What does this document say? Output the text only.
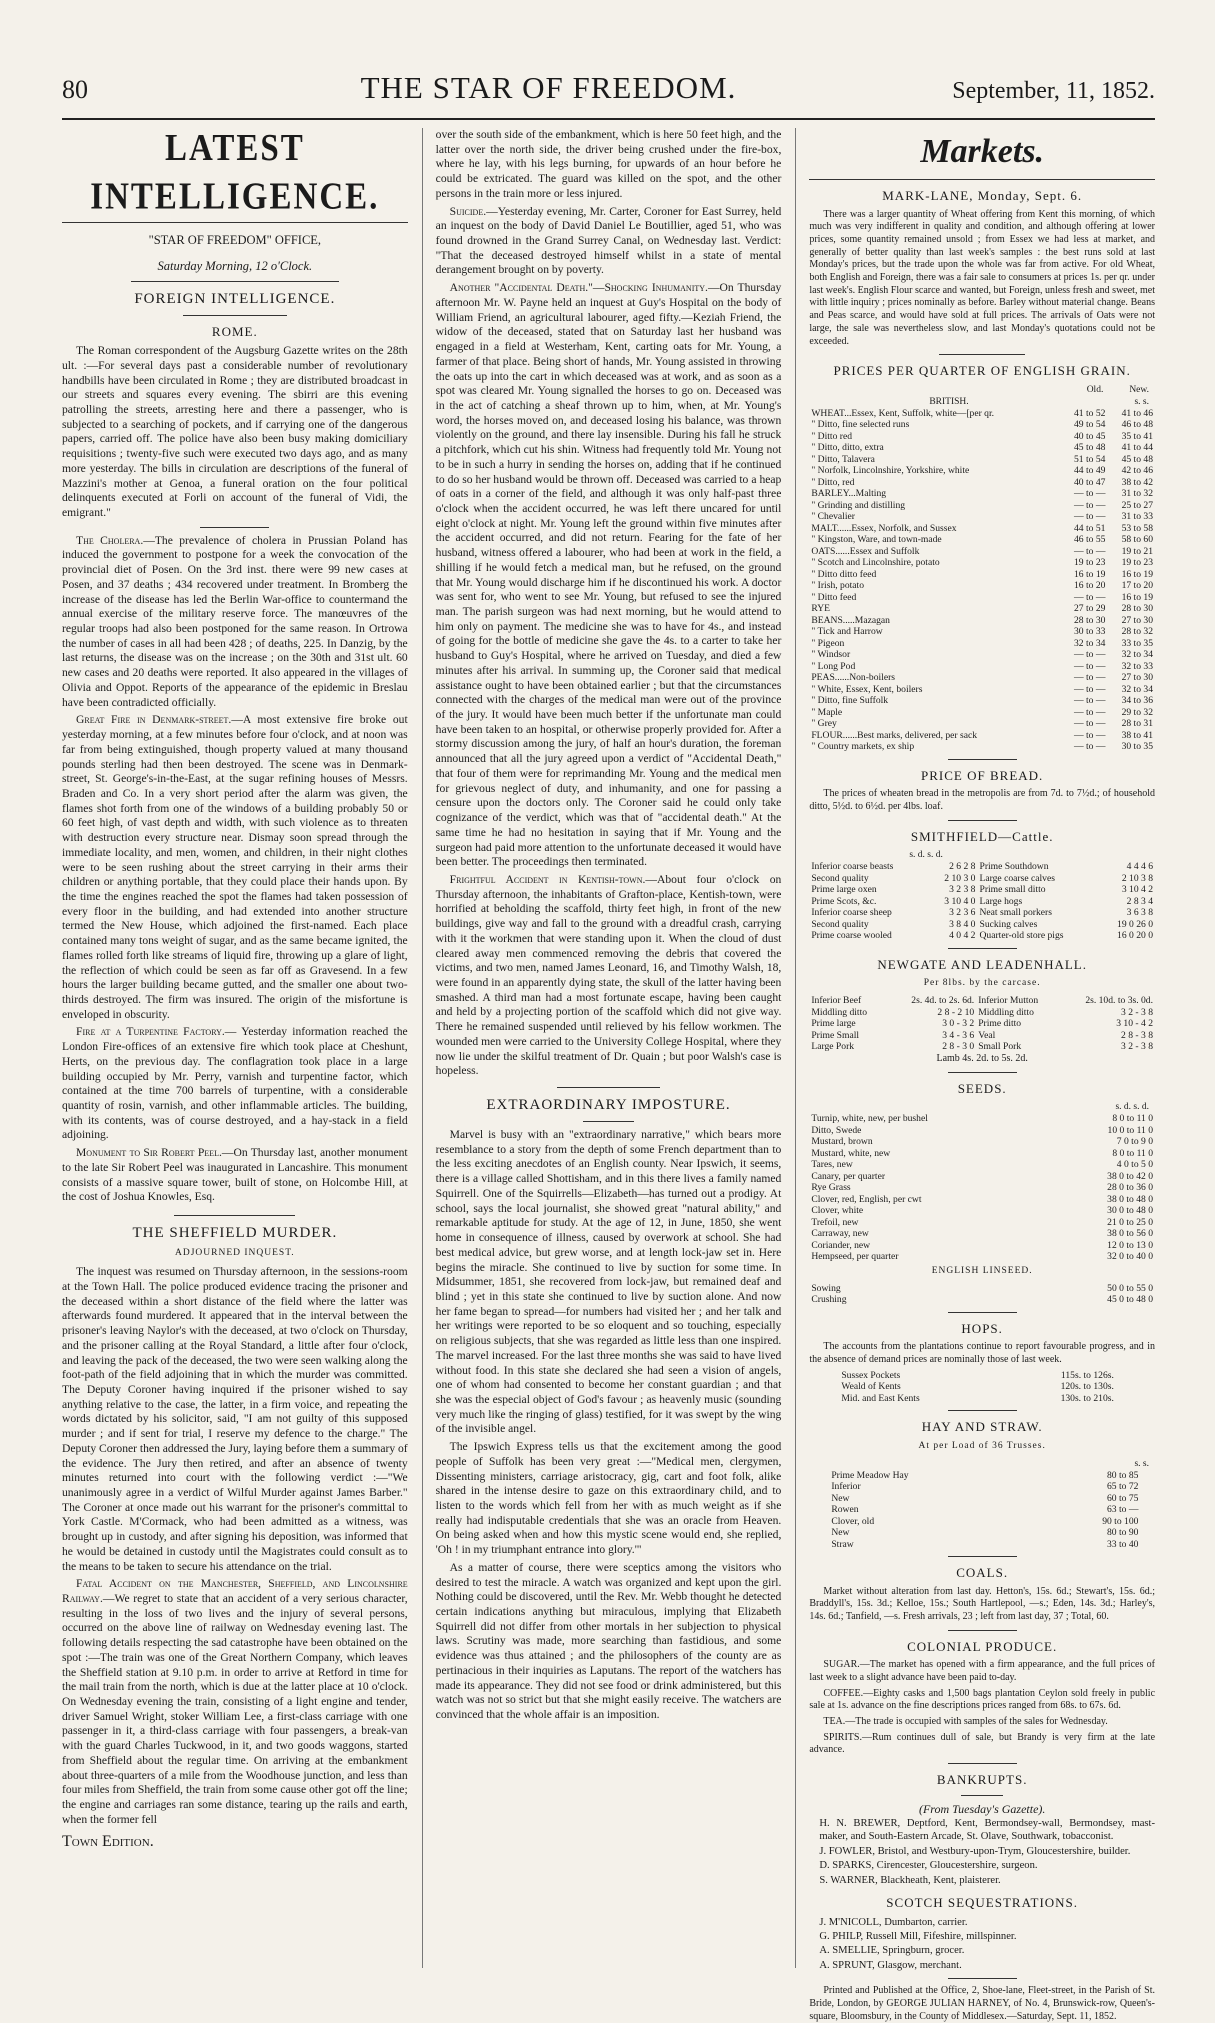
80	THE STAR OF FREEDOM.	September, 11, 1852.
LATEST INTELLIGENCE.
"STAR OF FREEDOM" OFFICE,
Saturday Morning, 12 o'Clock.
FOREIGN INTELLIGENCE.
ROME.

The Roman correspondent of the Augsburg Gazette writes on the 28th ult. :—For several days past a considerable number of revolutionary handbills have been circulated in Rome ; they are distributed broadcast in our streets and squares every evening. The sbirri are this evening patrolling the streets, arresting here and there a passenger, who is subjected to a searching of pockets, and if carrying one of the dangerous papers, carried off. The police have also been busy making domiciliary requisitions ; twenty-five such were executed two days ago, and as many more yesterday. The bills in circulation are descriptions of the funeral of Mazzini's mother at Genoa, a funeral oration on the four political delinquents executed at Forli on account of the funeral of Vidi, the emigrant."

The Cholera.—The prevalence of cholera in Prussian Poland has induced the government to postpone for a week the convocation of the provincial diet of Posen. On the 3rd inst. there were 99 new cases at Posen, and 37 deaths ; 434 recovered under treatment. In Bromberg the increase of the disease has led the Berlin War-office to countermand the annual exercise of the military reserve force. The manœuvres of the regular troops had also been postponed for the same reason. In Ortrowa the number of cases in all had been 428 ; of deaths, 225. In Danzig, by the last returns, the disease was on the increase ; on the 30th and 31st ult. 60 new cases and 20 deaths were reported. It also appeared in the villages of Olivia and Oppot. Reports of the appearance of the epidemic in Breslau have been contradicted officially.

Great Fire in Denmark-street.—A most extensive fire broke out yesterday morning, at a few minutes before four o'clock, and at noon was far from being extinguished, though property valued at many thousand pounds sterling had then been destroyed. The scene was in Denmark-street, St. George's-in-the-East, at the sugar refining houses of Messrs. Braden and Co. In a very short period after the alarm was given, the flames shot forth from one of the windows of a building probably 50 or 60 feet high, of vast depth and width, with such violence as to threaten with destruction every structure near. Dismay soon spread through the immediate locality, and men, women, and children, in their night clothes were to be seen rushing about the street carrying in their arms their children or anything portable, that they could place their hands upon. By the time the engines reached the spot the flames had taken possession of every floor in the building, and had extended into another structure termed the New House, which adjoined the first-named. Each place contained many tons weight of sugar, and as the same became ignited, the flames rolled forth like streams of liquid fire, throwing up a glare of light, the reflection of which could be seen as far off as Gravesend. In a few hours the larger building became gutted, and the smaller one about two-thirds destroyed. The firm was insured. The origin of the misfortune is enveloped in obscurity.

Fire at a Turpentine Factory.— Yesterday information reached the London Fire-offices of an extensive fire which took place at Cheshunt, Herts, on the previous day. The conflagration took place in a large building occupied by Mr. Perry, varnish and turpentine factor, which contained at the time 700 barrels of turpentine, with a considerable quantity of rosin, varnish, and other inflammable articles. The building, with its contents, was of course destroyed, and a hay-stack in a field adjoining.

Monument to Sir Robert Peel.—On Thursday last, another monument to the late Sir Robert Peel was inaugurated in Lancashire. This monument consists of a massive square tower, built of stone, on Holcombe Hill, at the cost of Joshua Knowles, Esq.

THE SHEFFIELD MURDER.
ADJOURNED INQUEST.

The inquest was resumed on Thursday afternoon, in the sessions-room at the Town Hall. The police produced evidence tracing the prisoner and the deceased within a short distance of the field where the latter was afterwards found murdered. It appeared that in the interval between the prisoner's leaving Naylor's with the deceased, at two o'clock on Thursday, and the prisoner calling at the Royal Standard, a little after four o'clock, and leaving the pack of the deceased, the two were seen walking along the foot-path of the field adjoining that in which the murder was committed. The Deputy Coroner having inquired if the prisoner wished to say anything relative to the case, the latter, in a firm voice, and repeating the words dictated by his solicitor, said, "I am not guilty of this supposed murder ; and if sent for trial, I reserve my defence to the charge." The Deputy Coroner then addressed the Jury, laying before them a summary of the evidence. The Jury then retired, and after an absence of twenty minutes returned into court with the following verdict :—"We unanimously agree in a verdict of Wilful Murder against James Barber." The Coroner at once made out his warrant for the prisoner's committal to York Castle. M'Cormack, who had been admitted as a witness, was brought up in custody, and after signing his deposition, was informed that he would be detained in custody until the Magistrates could consult as to the means to be taken to secure his attendance on the trial.

Fatal Accident on the Manchester, Sheffield, and Lincolnshire Railway.—We regret to state that an accident of a very serious character, resulting in the loss of two lives and the injury of several persons, occurred on the above line of railway on Wednesday evening last. The following details respecting the sad catastrophe have been obtained on the spot :—The train was one of the Great Northern Company, which leaves the Sheffield station at 9.10 p.m. in order to arrive at Retford in time for the mail train from the north, which is due at the latter place at 10 o'clock. On Wednesday evening the train, consisting of a light engine and tender, driver Samuel Wright, stoker William Lee, a first-class carriage with one passenger in it, a third-class carriage with four passengers, a break-van with the guard Charles Tuckwood, in it, and two goods waggons, started from Sheffield about the regular time. On arriving at the embankment about three-quarters of a mile from the Woodhouse junction, and less than four miles from Sheffield, the train from some cause other got off the line; the engine and carriages ran some distance, tearing up the rails and earth, when the former fell

Town Edition.

over the south side of the embankment, which is here 50 feet high, and the latter over the north side, the driver being crushed under the fire-box, where he lay, with his legs burning, for upwards of an hour before he could be extricated. The guard was killed on the spot, and the other persons in the train more or less injured.

Suicide.—Yesterday evening, Mr. Carter, Coroner for East Surrey, held an inquest on the body of David Daniel Le Boutillier, aged 51, who was found drowned in the Grand Surrey Canal, on Wednesday last. Verdict: "That the deceased destroyed himself whilst in a state of mental derangement brought on by poverty.

Another "Accidental Death."—Shocking Inhumanity.—On Thursday afternoon Mr. W. Payne held an inquest at Guy's Hospital on the body of William Friend, an agricultural labourer, aged fifty.—Keziah Friend, the widow of the deceased, stated that on Saturday last her husband was engaged in a field at Westerham, Kent, carting oats for Mr. Young, a farmer of that place. Being short of hands, Mr. Young assisted in throwing the oats up into the cart in which deceased was at work, and as soon as a spot was cleared Mr. Young signalled the horses to go on. Deceased was in the act of catching a sheaf thrown up to him, when, at Mr. Young's word, the horses moved on, and deceased losing his balance, was thrown violently on the ground, and there lay insensible. During his fall he struck a pitchfork, which cut his shin. Witness had frequently told Mr. Young not to be in such a hurry in sending the horses on, adding that if he continued to do so her husband would be thrown off. Deceased was carried to a heap of oats in a corner of the field, and although it was only half-past three o'clock when the accident occurred, he was left there uncared for until eight o'clock at night. Mr. Young left the ground within five minutes after the accident occurred, and did not return. Fearing for the fate of her husband, witness offered a labourer, who had been at work in the field, a shilling if he would fetch a medical man, but he refused, on the ground that Mr. Young would discharge him if he discontinued his work. A doctor was sent for, who went to see Mr. Young, but refused to see the injured man. The parish surgeon was had next morning, but he would attend to him only on payment. The medicine she was to have for 4s., and instead of going for the bottle of medicine she gave the 4s. to a carter to take her husband to Guy's Hospital, where he arrived on Tuesday, and died a few minutes after his arrival. In summing up, the Coroner said that medical assistance ought to have been obtained earlier ; but that the circumstances connected with the charges of the medical man were out of the province of the jury. It would have been much better if the unfortunate man could have been taken to an hospital, or otherwise properly provided for. After a stormy discussion among the jury, of half an hour's duration, the foreman announced that all the jury agreed upon a verdict of "Accidental Death," that four of them were for reprimanding Mr. Young and the medical men for grievous neglect of duty, and inhumanity, and one for passing a censure upon the doctors only. The Coroner said he could only take cognizance of the verdict, which was that of "accidental death." At the same time he had no hesitation in saying that if Mr. Young and the surgeon had paid more attention to the unfortunate deceased it would have been better. The proceedings then terminated.

Frightful Accident in Kentish-town.—About four o'clock on Thursday afternoon, the inhabitants of Grafton-place, Kentish-town, were horrified at beholding the scaffold, thirty feet high, in front of the new buildings, give way and fall to the ground with a dreadful crash, carrying with it the workmen that were standing upon it. When the cloud of dust cleared away men commenced removing the debris that covered the victims, and two men, named James Leonard, 16, and Timothy Walsh, 18, were found in an apparently dying state, the skull of the latter having been smashed. A third man had a most fortunate escape, having been caught and held by a projecting portion of the scaffold which did not give way. There he remained suspended until relieved by his fellow workmen. The wounded men were carried to the University College Hospital, where they now lie under the skilful treatment of Dr. Quain ; but poor Walsh's case is hopeless.

EXTRAORDINARY IMPOSTURE.

Marvel is busy with an "extraordinary narrative," which bears more resemblance to a story from the depth of some French department than to the less exciting anecdotes of an English county. Near Ipswich, it seems, there is a village called Shottisham, and in this there lives a family named Squirrell. One of the Squirrells—Elizabeth—has turned out a prodigy. At school, says the local journalist, she showed great "natural ability," and remarkable aptitude for study. At the age of 12, in June, 1850, she went home in consequence of illness, caused by overwork at school. She had best medical advice, but grew worse, and at length lock-jaw set in. Here begins the miracle. She continued to live by suction for some time. In Midsummer, 1851, she recovered from lock-jaw, but remained deaf and blind ; yet in this state she continued to live by suction alone. And now her fame began to spread—for numbers had visited her ; and her talk and her writings were reported to be so eloquent and so touching, especially on religious subjects, that she was regarded as little less than one inspired. The marvel increased. For the last three months she was said to have lived without food. In this state she declared she had seen a vision of angels, one of whom had consented to become her constant guardian ; and that she was the especial object of God's favour ; as heavenly music (sounding very much like the ringing of glass) testified, for it was swept by the wing of the invisible angel.

The Ipswich Express tells us that the excitement among the good people of Suffolk has been very great :—"Medical men, clergymen, Dissenting ministers, carriage aristocracy, gig, cart and foot folk, alike shared in the intense desire to gaze on this extraordinary child, and to listen to the words which fell from her with as much weight as if she really had indisputable credentials that she was an oracle from Heaven. On being asked when and how this mystic scene would end, she replied, 'Oh ! in my triumphant entrance into glory.'"

As a matter of course, there were sceptics among the visitors who desired to test the miracle. A watch was organized and kept upon the girl. Nothing could be discovered, until the Rev. Mr. Webb thought he detected certain indications anything but miraculous, implying that Elizabeth Squirrell did not differ from other mortals in her subjection to physical laws. Scrutiny was made, more searching than fastidious, and some evidence was thus attained ; and the philosophers of the county are as pertinacious in their inquiries as Laputans. The report of the watchers has made its appearance. They did not see food or drink administered, but this watch was not so strict but that she might easily receive. The watchers are convinced that the whole affair is an imposition.

Markets.
MARK-LANE, Monday, Sept. 6.

There was a larger quantity of Wheat offering from Kent this morning, of which much was very indifferent in quality and condition, and although offering at lower prices, some quantity remained unsold ; from Essex we had less at market, and generally of better quality than last week's samples : the best runs sold at last Monday's prices, but the trade upon the whole was far from active. For old Wheat, both English and Foreign, there was a fair sale to consumers at prices 1s. per qr. under last week's. English Flour scarce and wanted, but Foreign, unless fresh and sweet, met with little inquiry ; prices nominally as before. Barley without material change. Beans and Peas scarce, and would have sold at full prices. The arrivals of Oats were not large, the sale was nevertheless slow, and last Monday's quotations could not be exceeded.

PRICES PER QUARTER OF ENGLISH GRAIN.
Old.	New.
BRITISH.	s. s.
WHEAT...Essex, Kent, Suffolk, white—[per qr.	41 to 52	41 to 46
" Ditto, fine selected runs	49 to 54	46 to 48
" Ditto red	40 to 45	35 to 41
" Ditto, ditto, extra	45 to 48	41 to 44
" Ditto, Talavera	51 to 54	45 to 48
" Norfolk, Lincolnshire, Yorkshire, white	44 to 49	42 to 46
" Ditto, red	40 to 47	38 to 42
BARLEY...Malting	— to —	31 to 32
" Grinding and distilling	— to —	25 to 27
" Chevalier	— to —	31 to 33
MALT......Essex, Norfolk, and Sussex	44 to 51	53 to 58
" Kingston, Ware, and town-made	46 to 55	58 to 60
OATS......Essex and Suffolk	— to —	19 to 21
" Scotch and Lincolnshire, potato	19 to 23	19 to 23
" Ditto ditto feed	16 to 19	16 to 19
" Irish, potato	16 to 20	17 to 20
" Ditto feed	— to —	16 to 19
RYE	27 to 29	28 to 30
BEANS.....Mazagan	28 to 30	27 to 30
" Tick and Harrow	30 to 33	28 to 32
" Pigeon	32 to 34	33 to 35
" Windsor	— to —	32 to 34
" Long Pod	— to —	32 to 33
PEAS......Non-boilers	— to —	27 to 30
" White, Essex, Kent, boilers	— to —	32 to 34
" Ditto, fine Suffolk	— to —	34 to 36
" Maple	— to —	29 to 32
" Grey	— to —	28 to 31
FLOUR......Best marks, delivered, per sack	— to —	38 to 41
" Country markets, ex ship	— to —	30 to 35
PRICE OF BREAD.

The prices of wheaten bread in the metropolis are from 7d. to 7½d.; of household ditto, 5½d. to 6½d. per 4lbs. loaf.

SMITHFIELD—Cattle.
s. d. s. d.
Inferior coarse beasts	2 6 2 8	Prime Southdown	4 4 4 6
Second quality	2 10 3 0	Large coarse calves	2 10 3 8
Prime large oxen	3 2 3 8	Prime small ditto	3 10 4 2
Prime Scots, &c.	3 10 4 0	Large hogs	2 8 3 4
Inferior coarse sheep	3 2 3 6	Neat small porkers	3 6 3 8
Second quality	3 8 4 0	Sucking calves	19 0 26 0
Prime coarse wooled	4 0 4 2	Quarter-old store pigs	16 0 20 0
NEWGATE AND LEADENHALL.
Per 8lbs. by the carcase.
Inferior Beef	2s. 4d. to 2s. 6d.	Inferior Mutton	2s. 10d. to 3s. 0d.
Middling ditto	2 8 - 2 10	Middling ditto	3 2 - 3 8
Prime large	3 0 - 3 2	Prime ditto	3 10 - 4 2
Prime Small	3 4 - 3 6	Veal	2 8 - 3 8
Large Pork	2 8 - 3 0	Small Pork	3 2 - 3 8
Lamb 4s. 2d. to 5s. 2d.
SEEDS.
s. d. s. d.
Turnip, white, new, per bushel	8 0 to 11 0
Ditto, Swede	10 0 to 11 0
Mustard, brown	7 0 to 9 0
Mustard, white, new	8 0 to 11 0
Tares, new	4 0 to 5 0
Canary, per quarter	38 0 to 42 0
Rye Grass	28 0 to 36 0
Clover, red, English, per cwt	38 0 to 48 0
Clover, white	30 0 to 48 0
Trefoil, new	21 0 to 25 0
Carraway, new	38 0 to 56 0
Coriander, new	12 0 to 13 0
Hempseed, per quarter	32 0 to 40 0
ENGLISH LINSEED.
Sowing	50 0 to 55 0
Crushing	45 0 to 48 0
HOPS.

The accounts from the plantations continue to report favourable progress, and in the absence of demand prices are nominally those of last week.

Sussex Pockets	115s. to 126s.
Weald of Kents	120s. to 130s.
Mid. and East Kents	130s. to 210s.
HAY AND STRAW.
At per Load of 36 Trusses.
s. s.
Prime Meadow Hay	80 to 85
Inferior	65 to 72
New	60 to 75
Rowen	63 to —
Clover, old	90 to 100
New	80 to 90
Straw	33 to 40
COALS.

Market without alteration from last day. Hetton's, 15s. 6d.; Stewart's, 15s. 6d.; Braddyll's, 15s. 3d.; Kelloe, 15s.; South Hartlepool, —s.; Eden, 14s. 3d.; Harley's, 14s. 6d.; Tanfield, —s. Fresh arrivals, 23 ; left from last day, 37 ; Total, 60.

COLONIAL PRODUCE.

SUGAR.—The market has opened with a firm appearance, and the full prices of last week to a slight advance have been paid to-day.

COFFEE.—Eighty casks and 1,500 bags plantation Ceylon sold freely in public sale at 1s. advance on the fine descriptions prices ranged from 68s. to 67s. 6d.

TEA.—The trade is occupied with samples of the sales for Wednesday.

SPIRITS.—Rum continues dull of sale, but Brandy is very firm at the late advance.

BANKRUPTS.
(From Tuesday's Gazette).

H. N. BREWER, Deptford, Kent, Bermondsey-wall, Bermondsey, mast-maker, and South-Eastern Arcade, St. Olave, Southwark, tobacconist.

J. FOWLER, Bristol, and Westbury-upon-Trym, Gloucestershire, builder.

D. SPARKS, Cirencester, Gloucestershire, surgeon.

S. WARNER, Blackheath, Kent, plaisterer.

SCOTCH SEQUESTRATIONS.

J. M'NICOLL, Dumbarton, carrier.

G. PHILP, Russell Mill, Fifeshire, millspinner.

A. SMELLIE, Springburn, grocer.

A. SPRUNT, Glasgow, merchant.

Printed and Published at the Office, 2, Shoe-lane, Fleet-street, in the Parish of St. Bride, London, by GEORGE JULIAN HARNEY, of No. 4, Brunswick-row, Queen's-square, Bloomsbury, in the County of Middlesex.—Saturday, Sept. 11, 1852.
